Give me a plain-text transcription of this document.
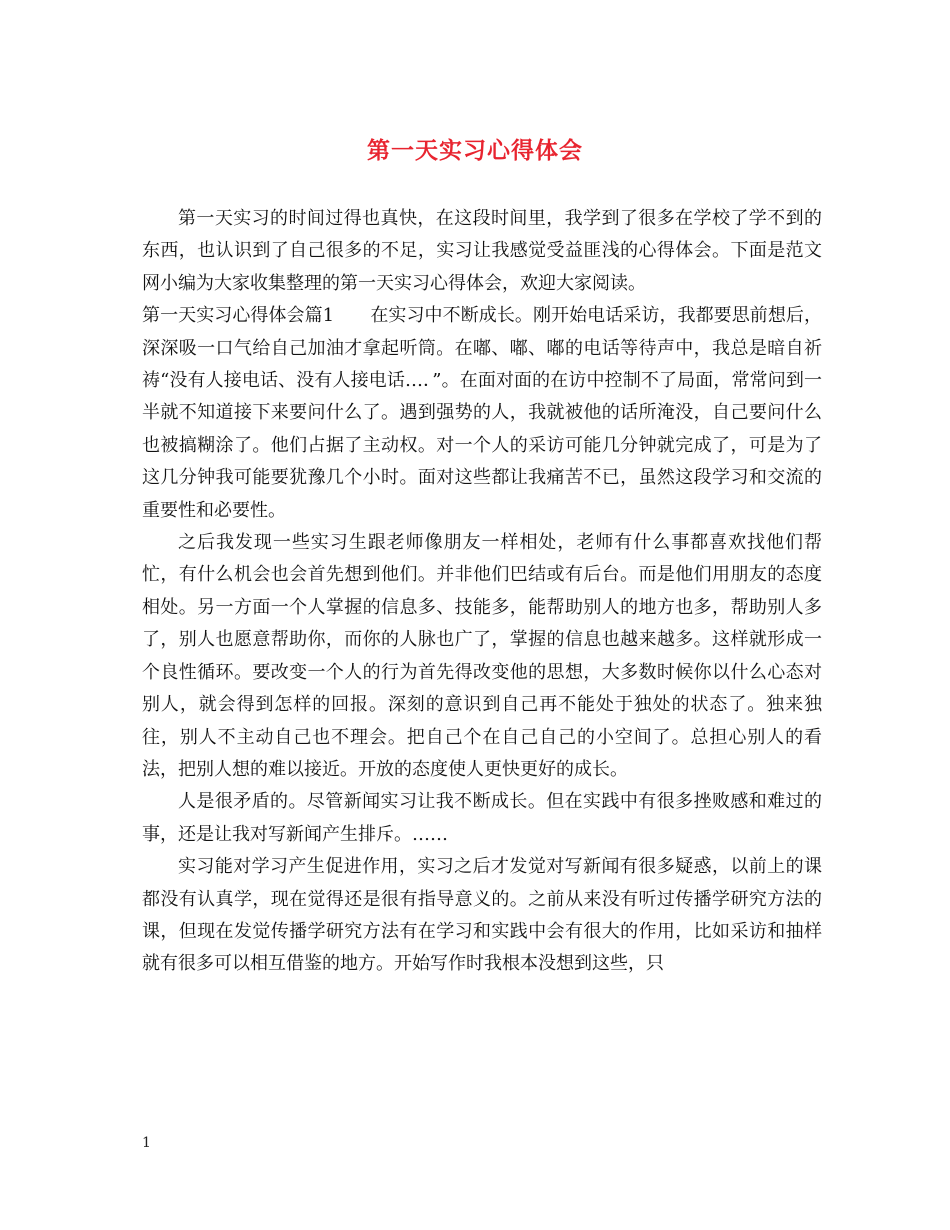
第一天实习心得体会

第一天实习的时间过得也真快，在这段时间里，我学到了很多在学校了学不到的东西，也认识到了自己很多的不足，实习让我感觉受益匪浅的心得体会。下面是范文网小编为大家收集整理的第一天实习心得体会，欢迎大家阅读。

第一天实习心得体会篇1　　在实习中不断成长。刚开始电话采访，我都要思前想后，深深吸一口气给自己加油才拿起听筒。在嘟、嘟、嘟的电话等待声中，我总是暗自祈祷“没有人接电话、没有人接电话…．”。在面对面的在访中控制不了局面，常常问到一半就不知道接下来要问什么了。遇到强势的人，我就被他的话所淹没，自己要问什么也被搞糊涂了。他们占据了主动权。对一个人的采访可能几分钟就完成了，可是为了这几分钟我可能要犹豫几个小时。面对这些都让我痛苦不已，虽然这段学习和交流的重要性和必要性。

之后我发现一些实习生跟老师像朋友一样相处，老师有什么事都喜欢找他们帮忙，有什么机会也会首先想到他们。并非他们巴结或有后台。而是他们用朋友的态度相处。另一方面一个人掌握的信息多、技能多，能帮助别人的地方也多，帮助别人多了，别人也愿意帮助你，而你的人脉也广了，掌握的信息也越来越多。这样就形成一个良性循环。要改变一个人的行为首先得改变他的思想，大多数时候你以什么心态对别人，就会得到怎样的回报。深刻的意识到自己再不能处于独处的状态了。独来独往，别人不主动自己也不理会。把自己个在自己自己的小空间了。总担心别人的看法，把别人想的难以接近。开放的态度使人更快更好的成长。

人是很矛盾的。尽管新闻实习让我不断成长。但在实践中有很多挫败感和难过的事，还是让我对写新闻产生排斥。……

实习能对学习产生促进作用，实习之后才发觉对写新闻有很多疑惑，以前上的课都没有认真学，现在觉得还是很有指导意义的。之前从来没有听过传播学研究方法的课，但现在发觉传播学研究方法有在学习和实践中会有很大的作用，比如采访和抽样就有很多可以相互借鉴的地方。开始写作时我根本没想到这些，只

1
